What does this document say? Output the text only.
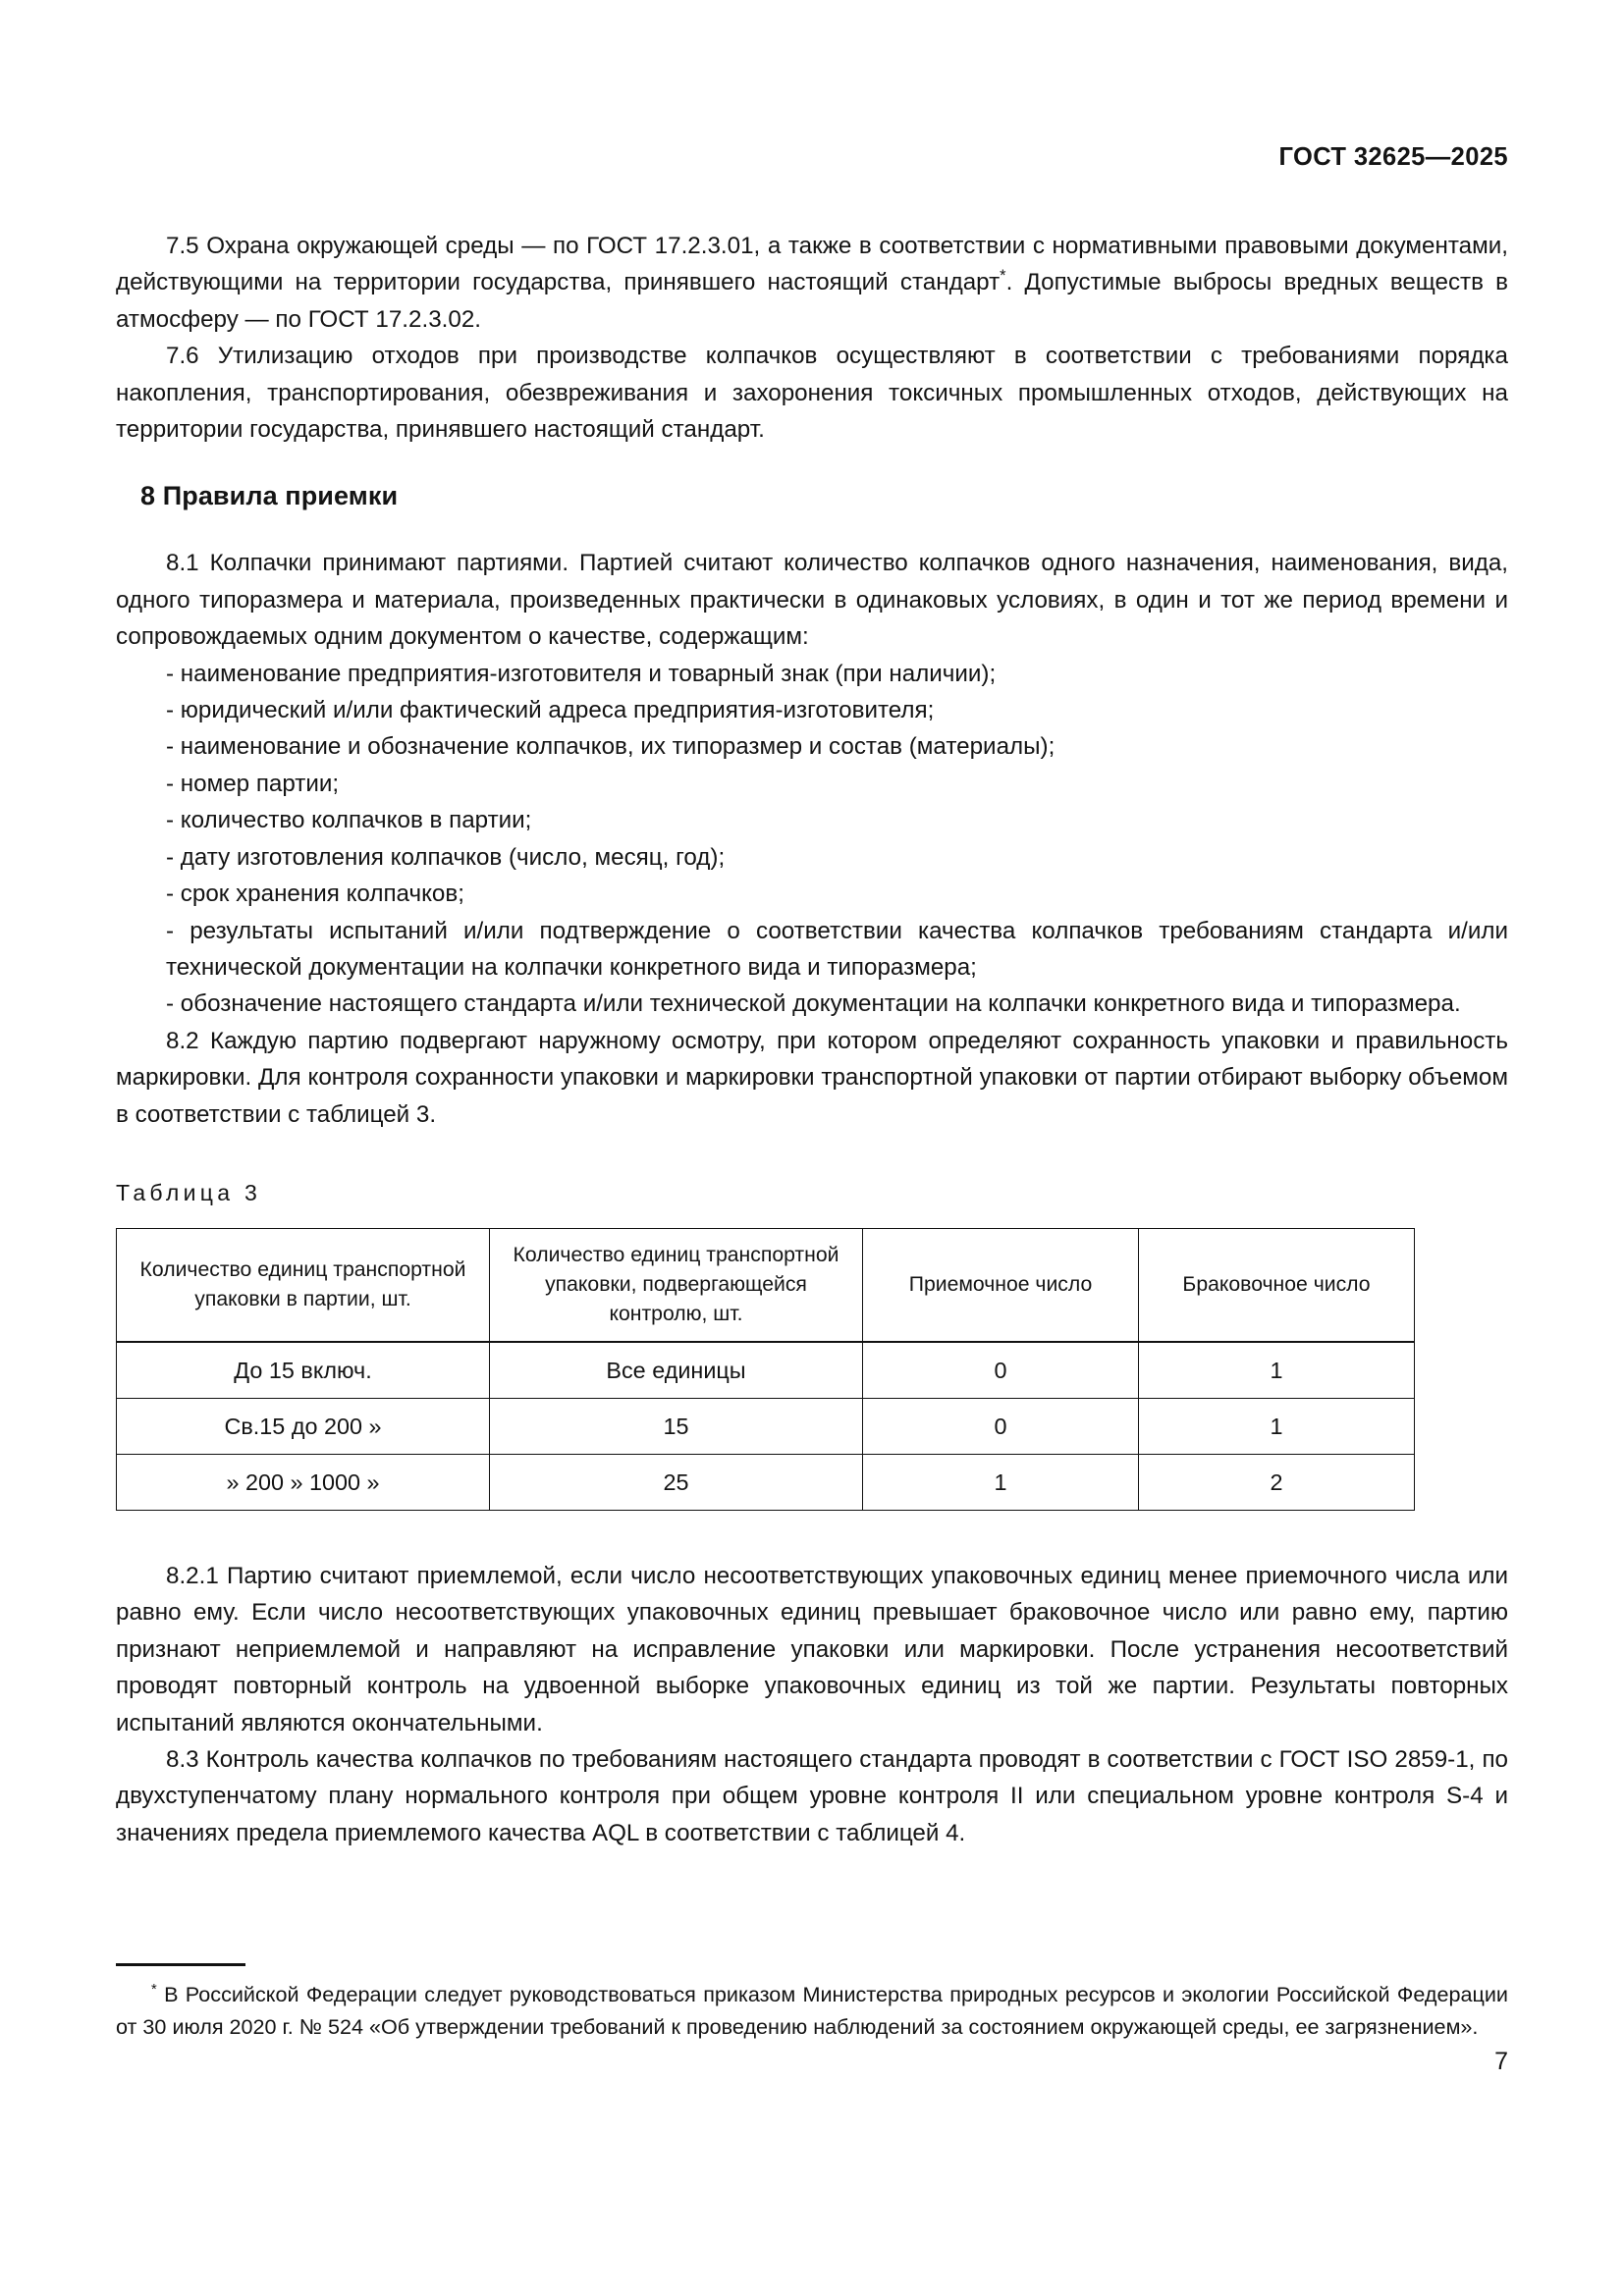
ГОСТ 32625—2025

7.5 Охрана окружающей среды — по ГОСТ 17.2.3.01, а также в соответствии с нормативными правовыми документами, действующими на территории государства, принявшего настоящий стандарт*. Допустимые выбросы вредных веществ в атмосферу — по ГОСТ 17.2.3.02.

7.6 Утилизацию отходов при производстве колпачков осуществляют в соответствии с требованиями порядка накопления, транспортирования, обезвреживания и захоронения токсичных промышленных отходов, действующих на территории государства, принявшего настоящий стандарт.

8 Правила приемки

8.1 Колпачки принимают партиями. Партией считают количество колпачков одного назначения, наименования, вида, одного типоразмера и материала, произведенных практически в одинаковых условиях, в один и тот же период времени и сопровождаемых одним документом о качестве, содержащим:

- наименование предприятия-изготовителя и товарный знак (при наличии);

- юридический и/или фактический адреса предприятия-изготовителя;

- наименование и обозначение колпачков, их типоразмер и состав (материалы);

- номер партии;

- количество колпачков в партии;

- дату изготовления колпачков (число, месяц, год);

- срок хранения колпачков;

- результаты испытаний и/или подтверждение о соответствии качества колпачков требованиям стандарта и/или технической документации на колпачки конкретного вида и типоразмера;

- обозначение настоящего стандарта и/или технической документации на колпачки конкретного вида и типоразмера.

8.2 Каждую партию подвергают наружному осмотру, при котором определяют сохранность упаковки и правильность маркировки. Для контроля сохранности упаковки и маркировки транспортной упаковки от партии отбирают выборку объемом в соответствии с таблицей 3.

Таблица 3

Количество единиц транспортной упаковки в партии, шт.	Количество единиц транспортной упаковки, подвергающейся контролю, шт.	Приемочное число	Браковочное число
До 15 включ.	Все единицы	0	1
Св.15 до 200 »	15	0	1
» 200 » 1000 »	25	1	2

8.2.1 Партию считают приемлемой, если число несоответствующих упаковочных единиц менее приемочного числа или равно ему. Если число несоответствующих упаковочных единиц превышает браковочное число или равно ему, партию признают неприемлемой и направляют на исправление упаковки или маркировки. После устранения несоответствий проводят повторный контроль на удвоенной выборке упаковочных единиц из той же партии. Результаты повторных испытаний являются окончательными.

8.3 Контроль качества колпачков по требованиям настоящего стандарта проводят в соответствии с ГОСТ ISO 2859-1, по двухступенчатому плану нормального контроля при общем уровне контроля II или специальном уровне контроля S-4 и значениях предела приемлемого качества AQL в соответствии с таблицей 4.

* В Российской Федерации следует руководствоваться приказом Министерства природных ресурсов и экологии Российской Федерации от 30 июля 2020 г. № 524 «Об утверждении требований к проведению наблюдений за состоянием окружающей среды, ее загрязнением».

7
